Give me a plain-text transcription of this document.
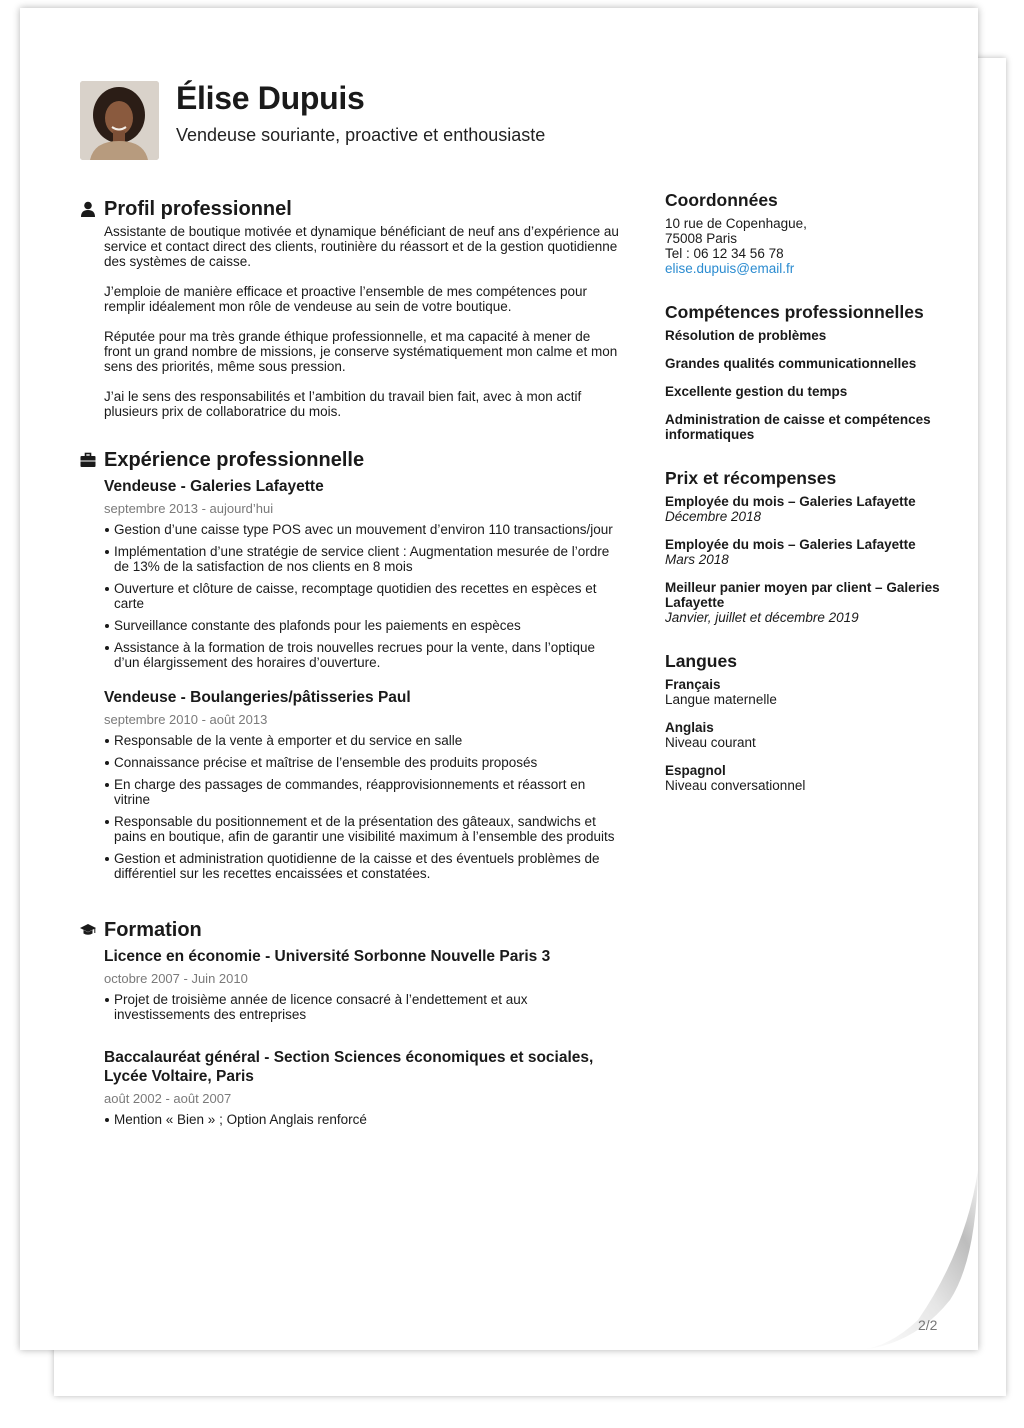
Élise Dupuis
Vendeuse souriante, proactive et enthousiaste
Profil professionnel

Assistante de boutique motivée et dynamique bénéficiant de neuf ans d’expérience au service et contact direct des clients, routinière du réassort et de la gestion quotidienne des systèmes de caisse.

J’emploie de manière efficace et proactive l’ensemble de mes compétences pour remplir idéalement mon rôle de vendeuse au sein de votre boutique.

Réputée pour ma très grande éthique professionnelle, et ma capacité à mener de front un grand nombre de missions, je conserve systématiquement mon calme et mon sens des priorités, même sous pression.

J’ai le sens des responsabilités et l’ambition du travail bien fait, avec à mon actif plusieurs prix de collaboratrice du mois.

Expérience professionnelle
Vendeuse - Galeries Lafayette
septembre 2013 - aujourd’hui
Gestion d’une caisse type POS avec un mouvement d’environ 110 transactions/jour
Implémentation d’une stratégie de service client : Augmentation mesurée de l’ordre de 13% de la satisfaction de nos clients en 8 mois
Ouverture et clôture de caisse, recomptage quotidien des recettes en espèces et carte
Surveillance constante des plafonds pour les paiements en espèces
Assistance à la formation de trois nouvelles recrues pour la vente, dans l’optique d’un élargissement des horaires d’ouverture.
Vendeuse - Boulangeries/pâtisseries Paul
septembre 2010 - août 2013
Responsable de la vente à emporter et du service en salle
Connaissance précise et maîtrise de l’ensemble des produits proposés
En charge des passages de commandes, réapprovisionnements et réassort en vitrine
Responsable du positionnement et de la présentation des gâteaux, sandwichs et pains en boutique, afin de garantir une visibilité maximum à l’ensemble des produits
Gestion et administration quotidienne de la caisse et des éventuels problèmes de différentiel sur les recettes encaissées et constatées.
Formation
Licence en économie - Université Sorbonne Nouvelle Paris 3
octobre 2007 - Juin 2010
Projet de troisième année de licence consacré à l’endettement et aux investissements des entreprises
Baccalauréat général - Section Sciences économiques et sociales, Lycée Voltaire, Paris
août 2002 - août 2007
Mention « Bien » ; Option Anglais renforcé
Coordonnées
10 rue de Copenhague,
75008 Paris
Tel : 06 12 34 56 78
elise.dupuis@email.fr
Compétences professionnelles
Résolution de problèmes
Grandes qualités communicationnelles
Excellente gestion du temps
Administration de caisse et compétences informatiques
Prix et récompenses
Employée du mois – Galeries Lafayette
Décembre 2018
Employée du mois – Galeries Lafayette
Mars 2018
Meilleur panier moyen par client – Galeries Lafayette
Janvier, juillet et décembre 2019
Langues
Français
Langue maternelle
Anglais
Niveau courant
Espagnol
Niveau conversationnel
2/2
